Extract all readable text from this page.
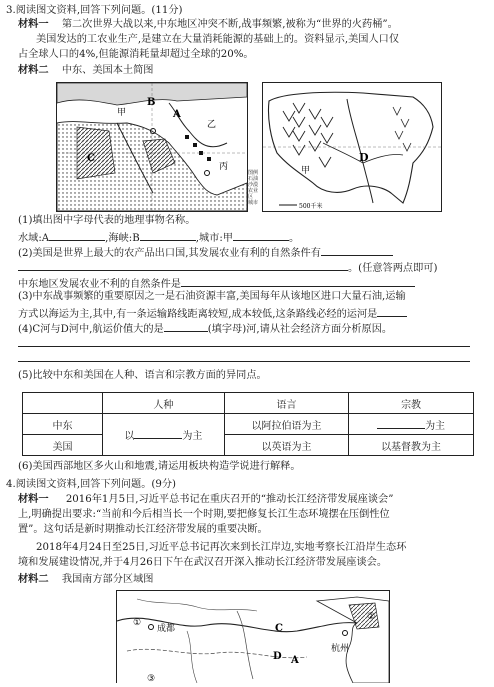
3.阅读图文资料,回答下列问题。(11分)
材料一 第二次世界大战以来,中东地区冲突不断,战事频繁,被称为“世界的火药桶”。
美国发达的工农业生产,是建立在大量消耗能源的基础上的。资料显示,美国人口仅
占全球人口的4%,但能源消耗量却超过全球的20%。
材料二 中东、美国本土简图
B
A
C
甲
乙
丙
图例
石油
沙漠
农业区
城市
D
甲
500千米
(1)填出图中字母代表的地理事物名称。
水域:A	,海峡:B	,城市:甲	。
(2)美国是世界上最大的农产品出口国,其发展农业有利的自然条件有
。(任意答两点即可)
中东地区发展农业不利的自然条件是
(3)中东战事频繁的重要原因之一是石油资源丰富,美国每年从该地区进口大量石油,运输
方式以海运为主,其中,有一条运输路线距离较短,成本较低,这条路线必经的运河是
(4)C河与D河中,航运价值大的是	(填字母)河,请从社会经济方面分析原因。
(5)比较中东和美国在人种、语言和宗教方面的异同点。
	人种	语言	宗教
中东	以 为主	以阿拉伯语为主	为主
美国		以英语为主	以基督教为主
(6)美国西部地区多火山和地震,请运用板块构造学说进行解释。
4.阅读图文资料,回答下列问题。(9分)
材料一 2016年1月5日,习近平总书记在重庆召开的“推动长江经济带发展座谈会”
上,明确提出要求:“当前和今后相当长一个时期,要把修复长江生态环境摆在压倒性位
置”。这句话是新时期推动长江经济带发展的重要决断。
2018年4月24日至25日,习近平总书记再次来到长江岸边,实地考察长江沿岸生态环
境和发展建设情况,并于4月26日下午在武汉召开深入推动长江经济带发展座谈会。
材料二 我国南方部分区域图
成都	C
杭州
D A
①
②
③
